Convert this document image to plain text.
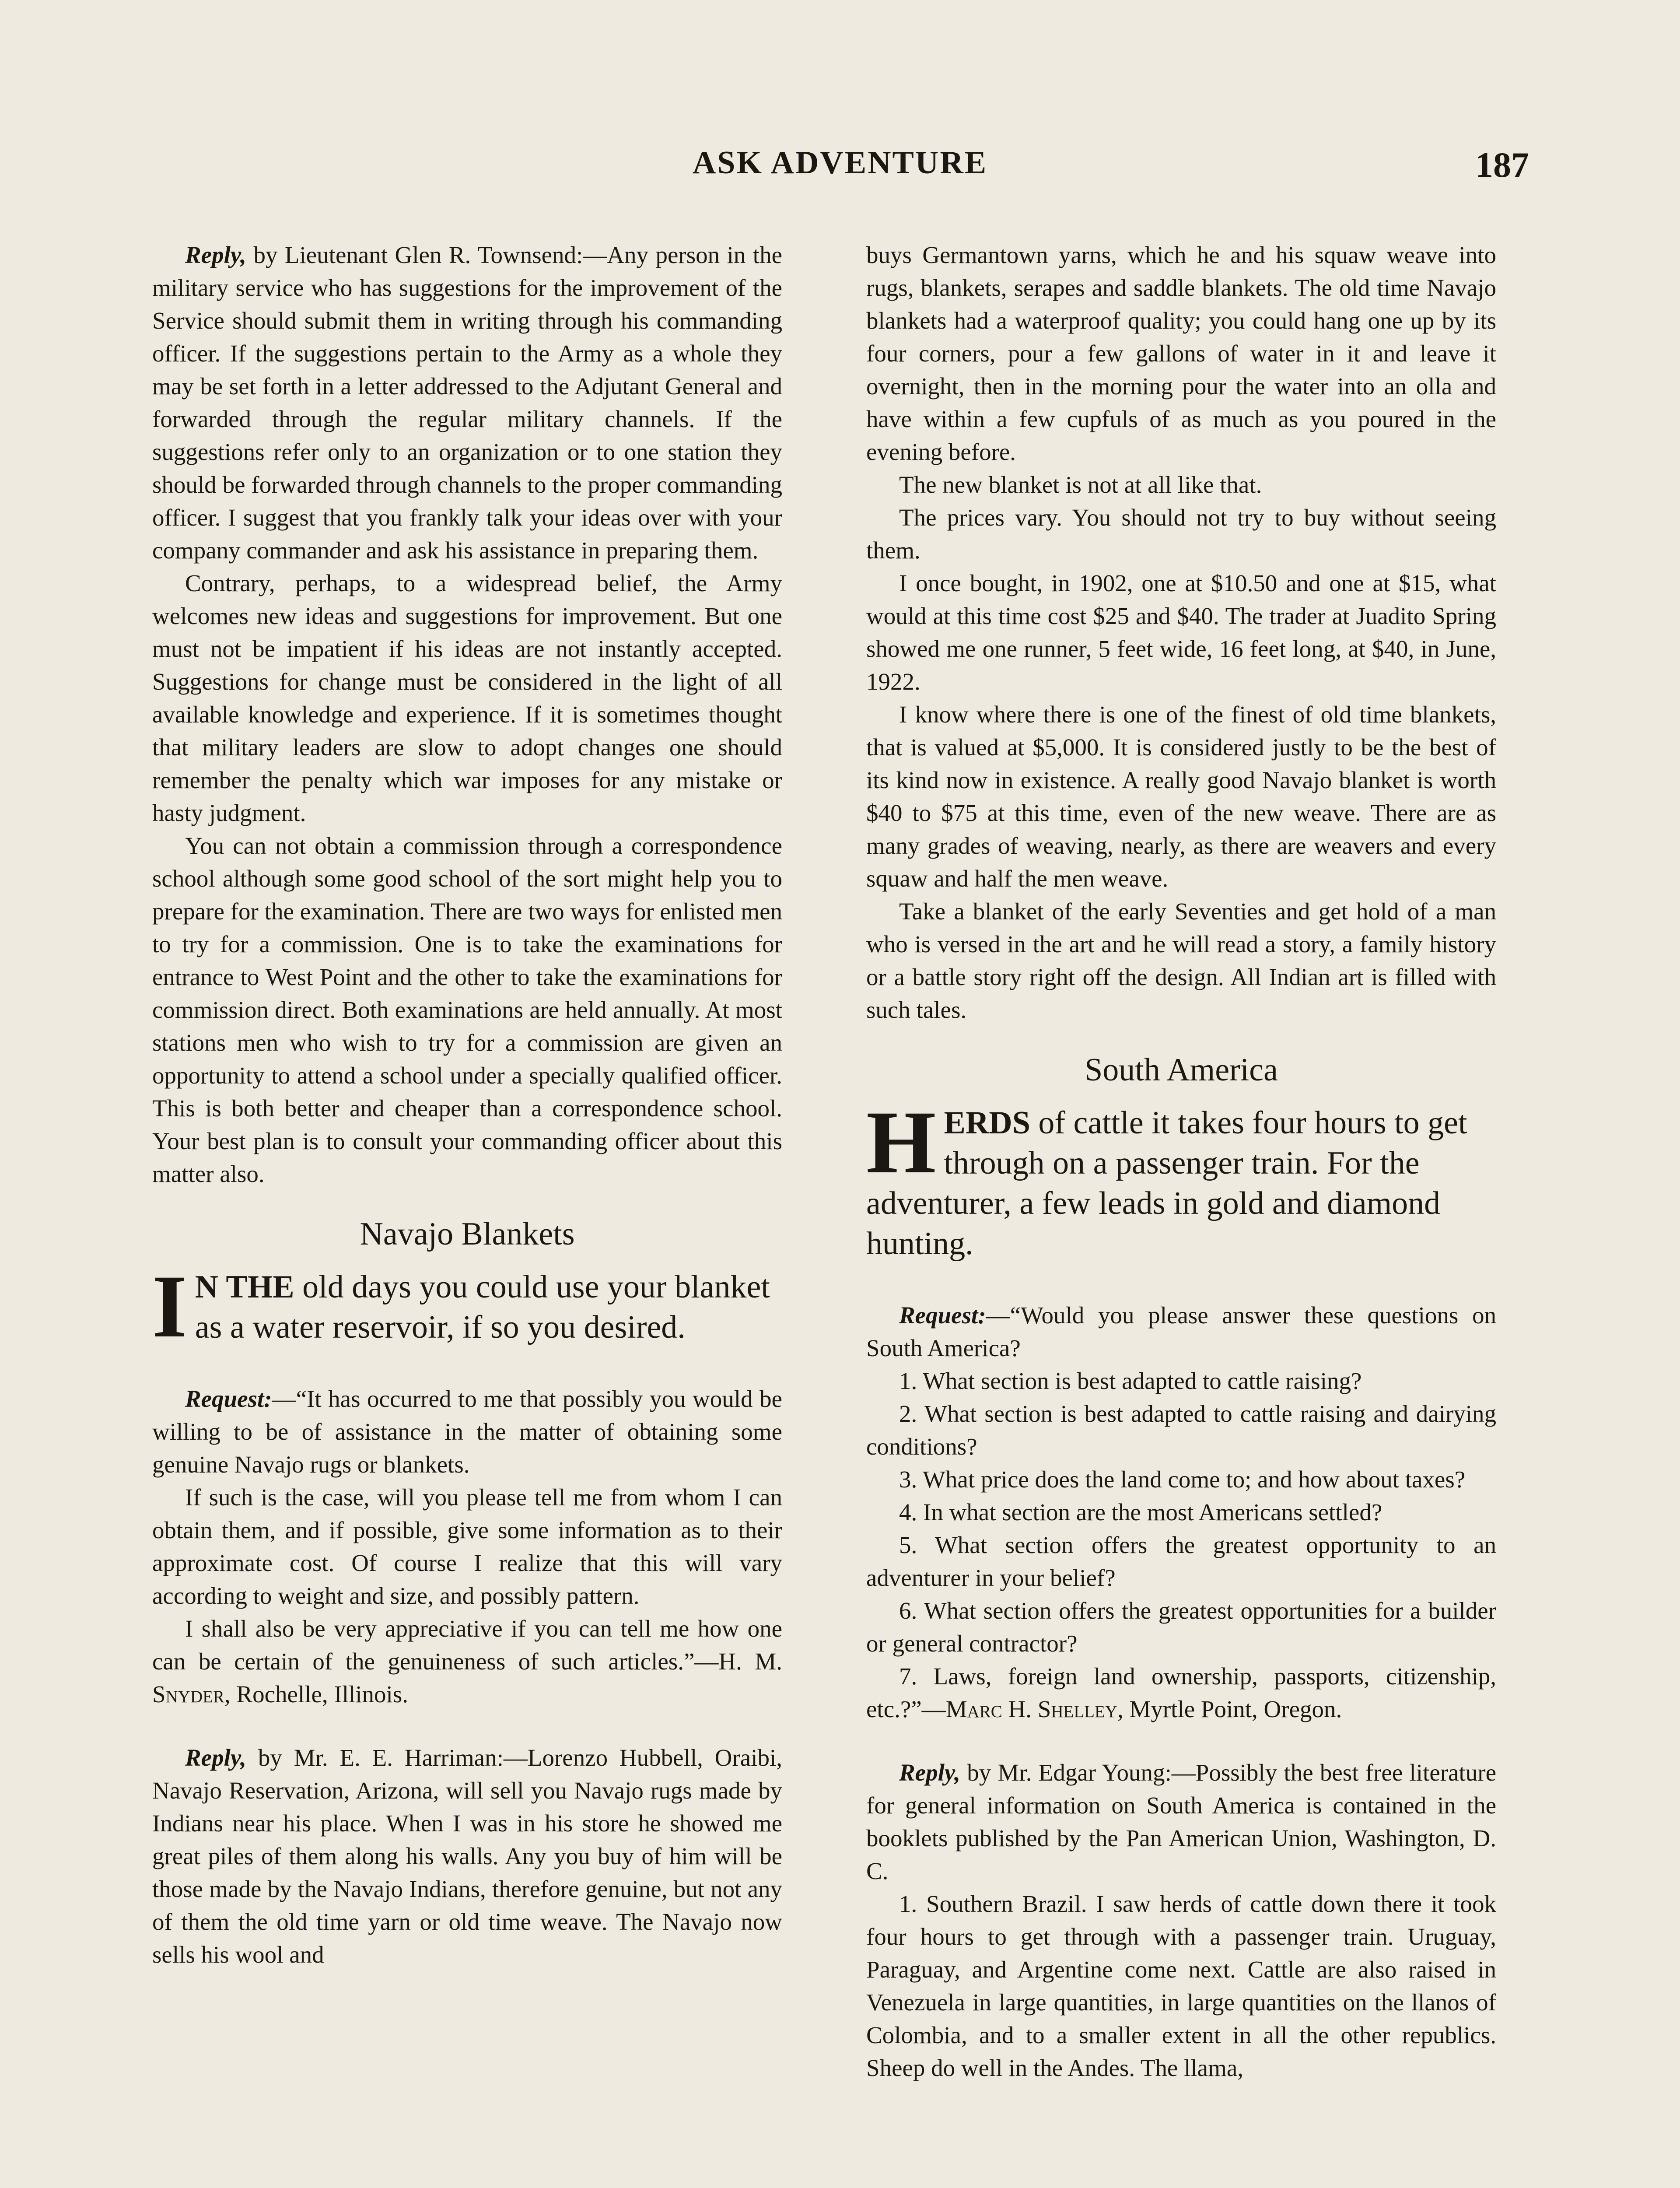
ASK ADVENTURE	187

Reply, by Lieutenant Glen R. Townsend:—Any person in the military service who has suggestions for the improvement of the Service should submit them in writing through his commanding officer. If the suggestions pertain to the Army as a whole they may be set forth in a letter addressed to the Adjutant General and forwarded through the regular military channels. If the suggestions refer only to an organization or to one station they should be forwarded through channels to the proper commanding officer. I suggest that you frankly talk your ideas over with your company commander and ask his assistance in preparing them.

Contrary, perhaps, to a widespread belief, the Army welcomes new ideas and suggestions for improvement. But one must not be impatient if his ideas are not instantly accepted. Suggestions for change must be considered in the light of all available knowledge and experience. If it is sometimes thought that military leaders are slow to adopt changes one should remember the penalty which war imposes for any mistake or hasty judgment.

You can not obtain a commission through a correspondence school although some good school of the sort might help you to prepare for the examination. There are two ways for enlisted men to try for a commission. One is to take the examinations for entrance to West Point and the other to take the examinations for commission direct. Both examinations are held annually. At most stations men who wish to try for a commission are given an opportunity to attend a school under a specially qualified officer. This is both better and cheaper than a correspondence school. Your best plan is to consult your commanding officer about this matter also.

Navajo Blankets
I N THE old days you could use your blanket as a water reservoir, if so you desired.

Request:—“It has occurred to me that possibly you would be willing to be of assistance in the matter of obtaining some genuine Navajo rugs or blankets.

If such is the case, will you please tell me from whom I can obtain them, and if possible, give some information as to their approximate cost. Of course I realize that this will vary according to weight and size, and possibly pattern.

I shall also be very appreciative if you can tell me how one can be certain of the genuineness of such articles.”—H. M. Snyder, Rochelle, Illinois.

Reply, by Mr. E. E. Harriman:—Lorenzo Hubbell, Oraibi, Navajo Reservation, Arizona, will sell you Navajo rugs made by Indians near his place. When I was in his store he showed me great piles of them along his walls. Any you buy of him will be those made by the Navajo Indians, therefore genuine, but not any of them the old time yarn or old time weave. The Navajo now sells his wool and

buys Germantown yarns, which he and his squaw weave into rugs, blankets, serapes and saddle blankets. The old time Navajo blankets had a waterproof quality; you could hang one up by its four corners, pour a few gallons of water in it and leave it overnight, then in the morning pour the water into an olla and have within a few cupfuls of as much as you poured in the evening before.

The new blanket is not at all like that.

The prices vary. You should not try to buy without seeing them.

I once bought, in 1902, one at $10.50 and one at $15, what would at this time cost $25 and $40. The trader at Juadito Spring showed me one runner, 5 feet wide, 16 feet long, at $40, in June, 1922.

I know where there is one of the finest of old time blankets, that is valued at $5,000. It is considered justly to be the best of its kind now in existence. A really good Navajo blanket is worth $40 to $75 at this time, even of the new weave. There are as many grades of weaving, nearly, as there are weavers and every squaw and half the men weave.

Take a blanket of the early Seventies and get hold of a man who is versed in the art and he will read a story, a family history or a battle story right off the design. All Indian art is filled with such tales.

South America
HERDS of cattle it takes four hours to get through on a passenger train. For the adventurer, a few leads in gold and diamond hunting.

Request:—“Would you please answer these questions on South America?

1. What section is best adapted to cattle raising?

2. What section is best adapted to cattle raising and dairying conditions?

3. What price does the land come to; and how about taxes?

4. In what section are the most Americans settled?

5. What section offers the greatest opportunity to an adventurer in your belief?

6. What section offers the greatest opportunities for a builder or general contractor?

7. Laws, foreign land ownership, passports, citizenship, etc.?”—Marc H. Shelley, Myrtle Point, Oregon.

Reply, by Mr. Edgar Young:—Possibly the best free literature for general information on South America is contained in the booklets published by the Pan American Union, Washington, D. C.

1. Southern Brazil. I saw herds of cattle down there it took four hours to get through with a passenger train. Uruguay, Paraguay, and Argentine come next. Cattle are also raised in Venezuela in large quantities, in large quantities on the llanos of Colombia, and to a smaller extent in all the other republics. Sheep do well in the Andes. The llama,
